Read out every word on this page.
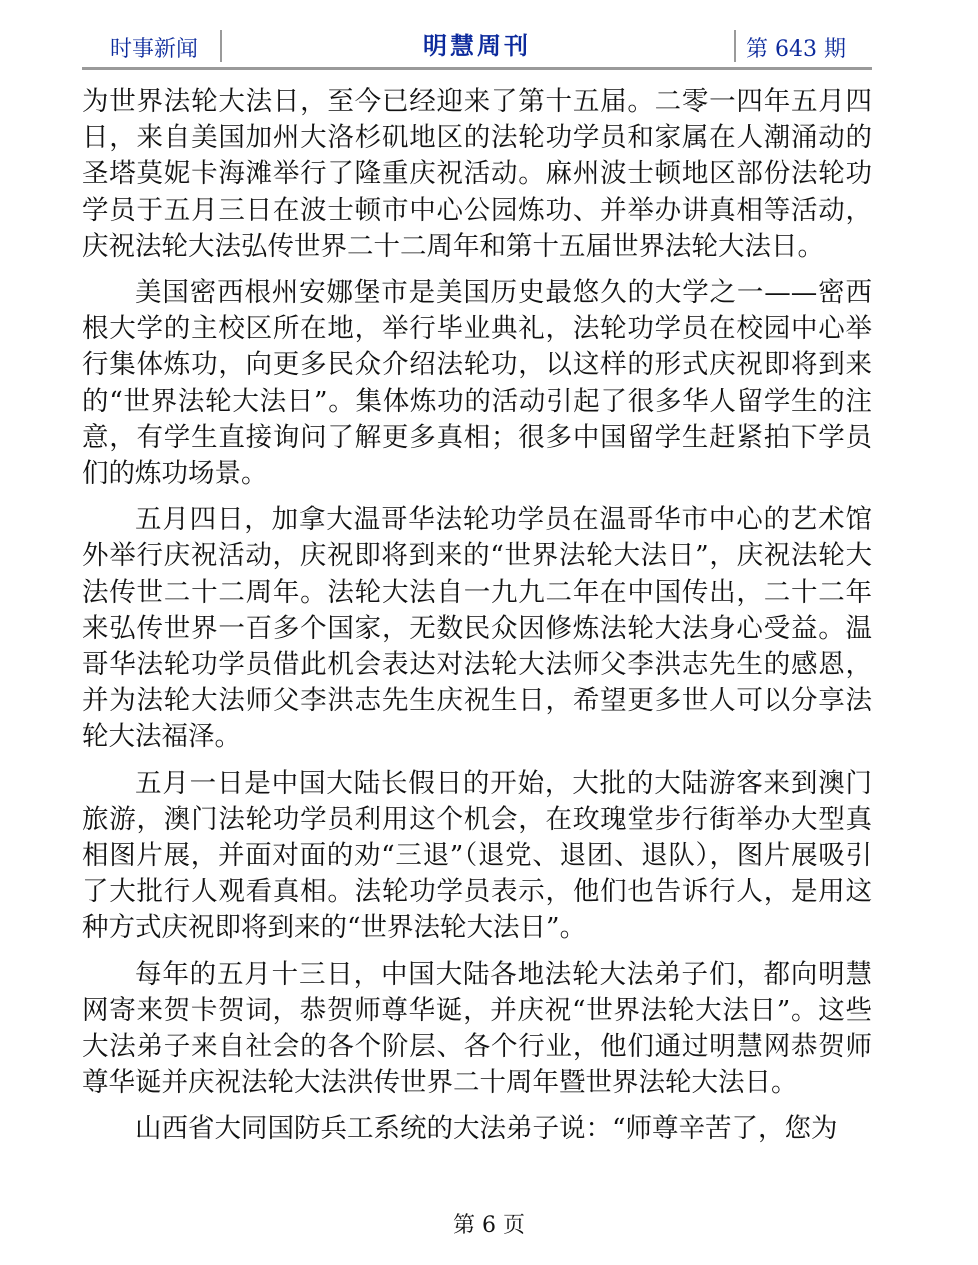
时事新闻	明慧周刊	第 643 期

为世界法轮大法日，至今已经迎来了第十五届。二零一四年五月四日，来自美国加州大洛杉矶地区的法轮功学员和家属在人潮涌动的圣塔莫妮卡海滩举行了隆重庆祝活动。麻州波士顿地区部份法轮功学员于五月三日在波士顿市中心公园炼功、并举办讲真相等活动，庆祝法轮大法弘传世界二十二周年和第十五届世界法轮大法日。

美国密西根州安娜堡市是美国历史最悠久的大学之一——密西根大学的主校区所在地，举行毕业典礼，法轮功学员在校园中心举行集体炼功，向更多民众介绍法轮功，以这样的形式庆祝即将到来的“世界法轮大法日”。集体炼功的活动引起了很多华人留学生的注意，有学生直接询问了解更多真相；很多中国留学生赶紧拍下学员们的炼功场景。

五月四日，加拿大温哥华法轮功学员在温哥华市中心的艺术馆外举行庆祝活动，庆祝即将到来的“世界法轮大法日”，庆祝法轮大法传世二十二周年。法轮大法自一九九二年在中国传出，二十二年来弘传世界一百多个国家，无数民众因修炼法轮大法身心受益。温哥华法轮功学员借此机会表达对法轮大法师父李洪志先生的感恩，并为法轮大法师父李洪志先生庆祝生日，希望更多世人可以分享法轮大法福泽。

五月一日是中国大陆长假日的开始，大批的大陆游客来到澳门旅游，澳门法轮功学员利用这个机会，在玫瑰堂步行街举办大型真相图片展，并面对面的劝“三退”（退党、退团、退队），图片展吸引了大批行人观看真相。法轮功学员表示，他们也告诉行人，是用这种方式庆祝即将到来的“世界法轮大法日”。

每年的五月十三日，中国大陆各地法轮大法弟子们，都向明慧网寄来贺卡贺词，恭贺师尊华诞，并庆祝“世界法轮大法日”。这些大法弟子来自社会的各个阶层、各个行业，他们通过明慧网恭贺师尊华诞并庆祝法轮大法洪传世界二十周年暨世界法轮大法日。

山西省大同国防兵工系统的大法弟子说：“师尊辛苦了，您为

第 6 页
